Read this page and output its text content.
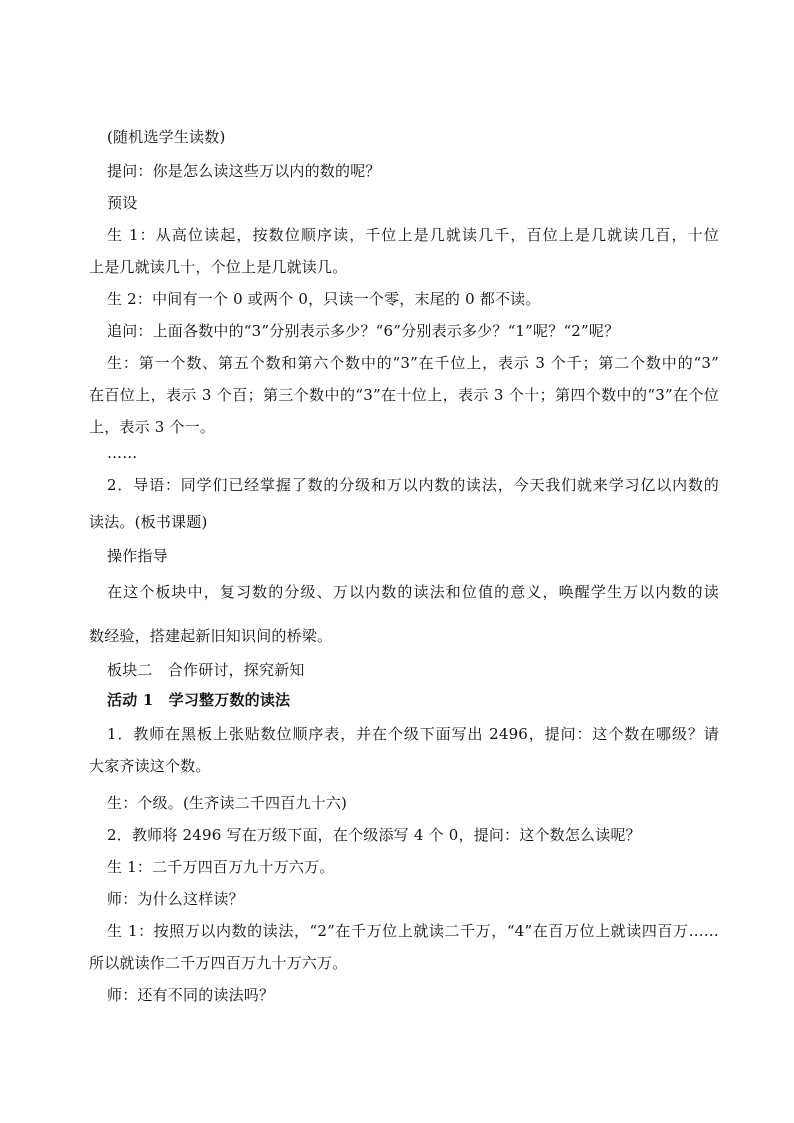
(随机选学生读数)
提问：你是怎么读这些万以内的数的呢？
预设
生 1：从高位读起，按数位顺序读，千位上是几就读几千，百位上是几就读几百，十位
上是几就读几十，个位上是几就读几。
生 2：中间有一个 0 或两个 0，只读一个零，末尾的 0 都不读。
追问：上面各数中的“3”分别表示多少？“6”分别表示多少？“1”呢？“2”呢？
生：第一个数、第五个数和第六个数中的“3”在千位上，表示 3 个千；第二个数中的“3”
在百位上，表示 3 个百；第三个数中的“3”在十位上，表示 3 个十；第四个数中的“3”在个位
上，表示 3 个一。
……
2．导语：同学们已经掌握了数的分级和万以内数的读法，今天我们就来学习亿以内数的
读法。(板书课题)
操作指导
在这个板块中，复习数的分级、万以内数的读法和位值的意义，唤醒学生万以内数的读
数经验，搭建起新旧知识间的桥梁。
板块二　合作研讨，探究新知
活动 1　学习整万数的读法
1．教师在黑板上张贴数位顺序表，并在个级下面写出 2496，提问：这个数在哪级？请
大家齐读这个数。
生：个级。(生齐读二千四百九十六)
2．教师将 2496 写在万级下面，在个级添写 4 个 0，提问：这个数怎么读呢？
生 1：二千万四百万九十万六万。
师：为什么这样读？
生 1：按照万以内数的读法，“2”在千万位上就读二千万，“4”在百万位上就读四百万……
所以就读作二千万四百万九十万六万。
师：还有不同的读法吗？
